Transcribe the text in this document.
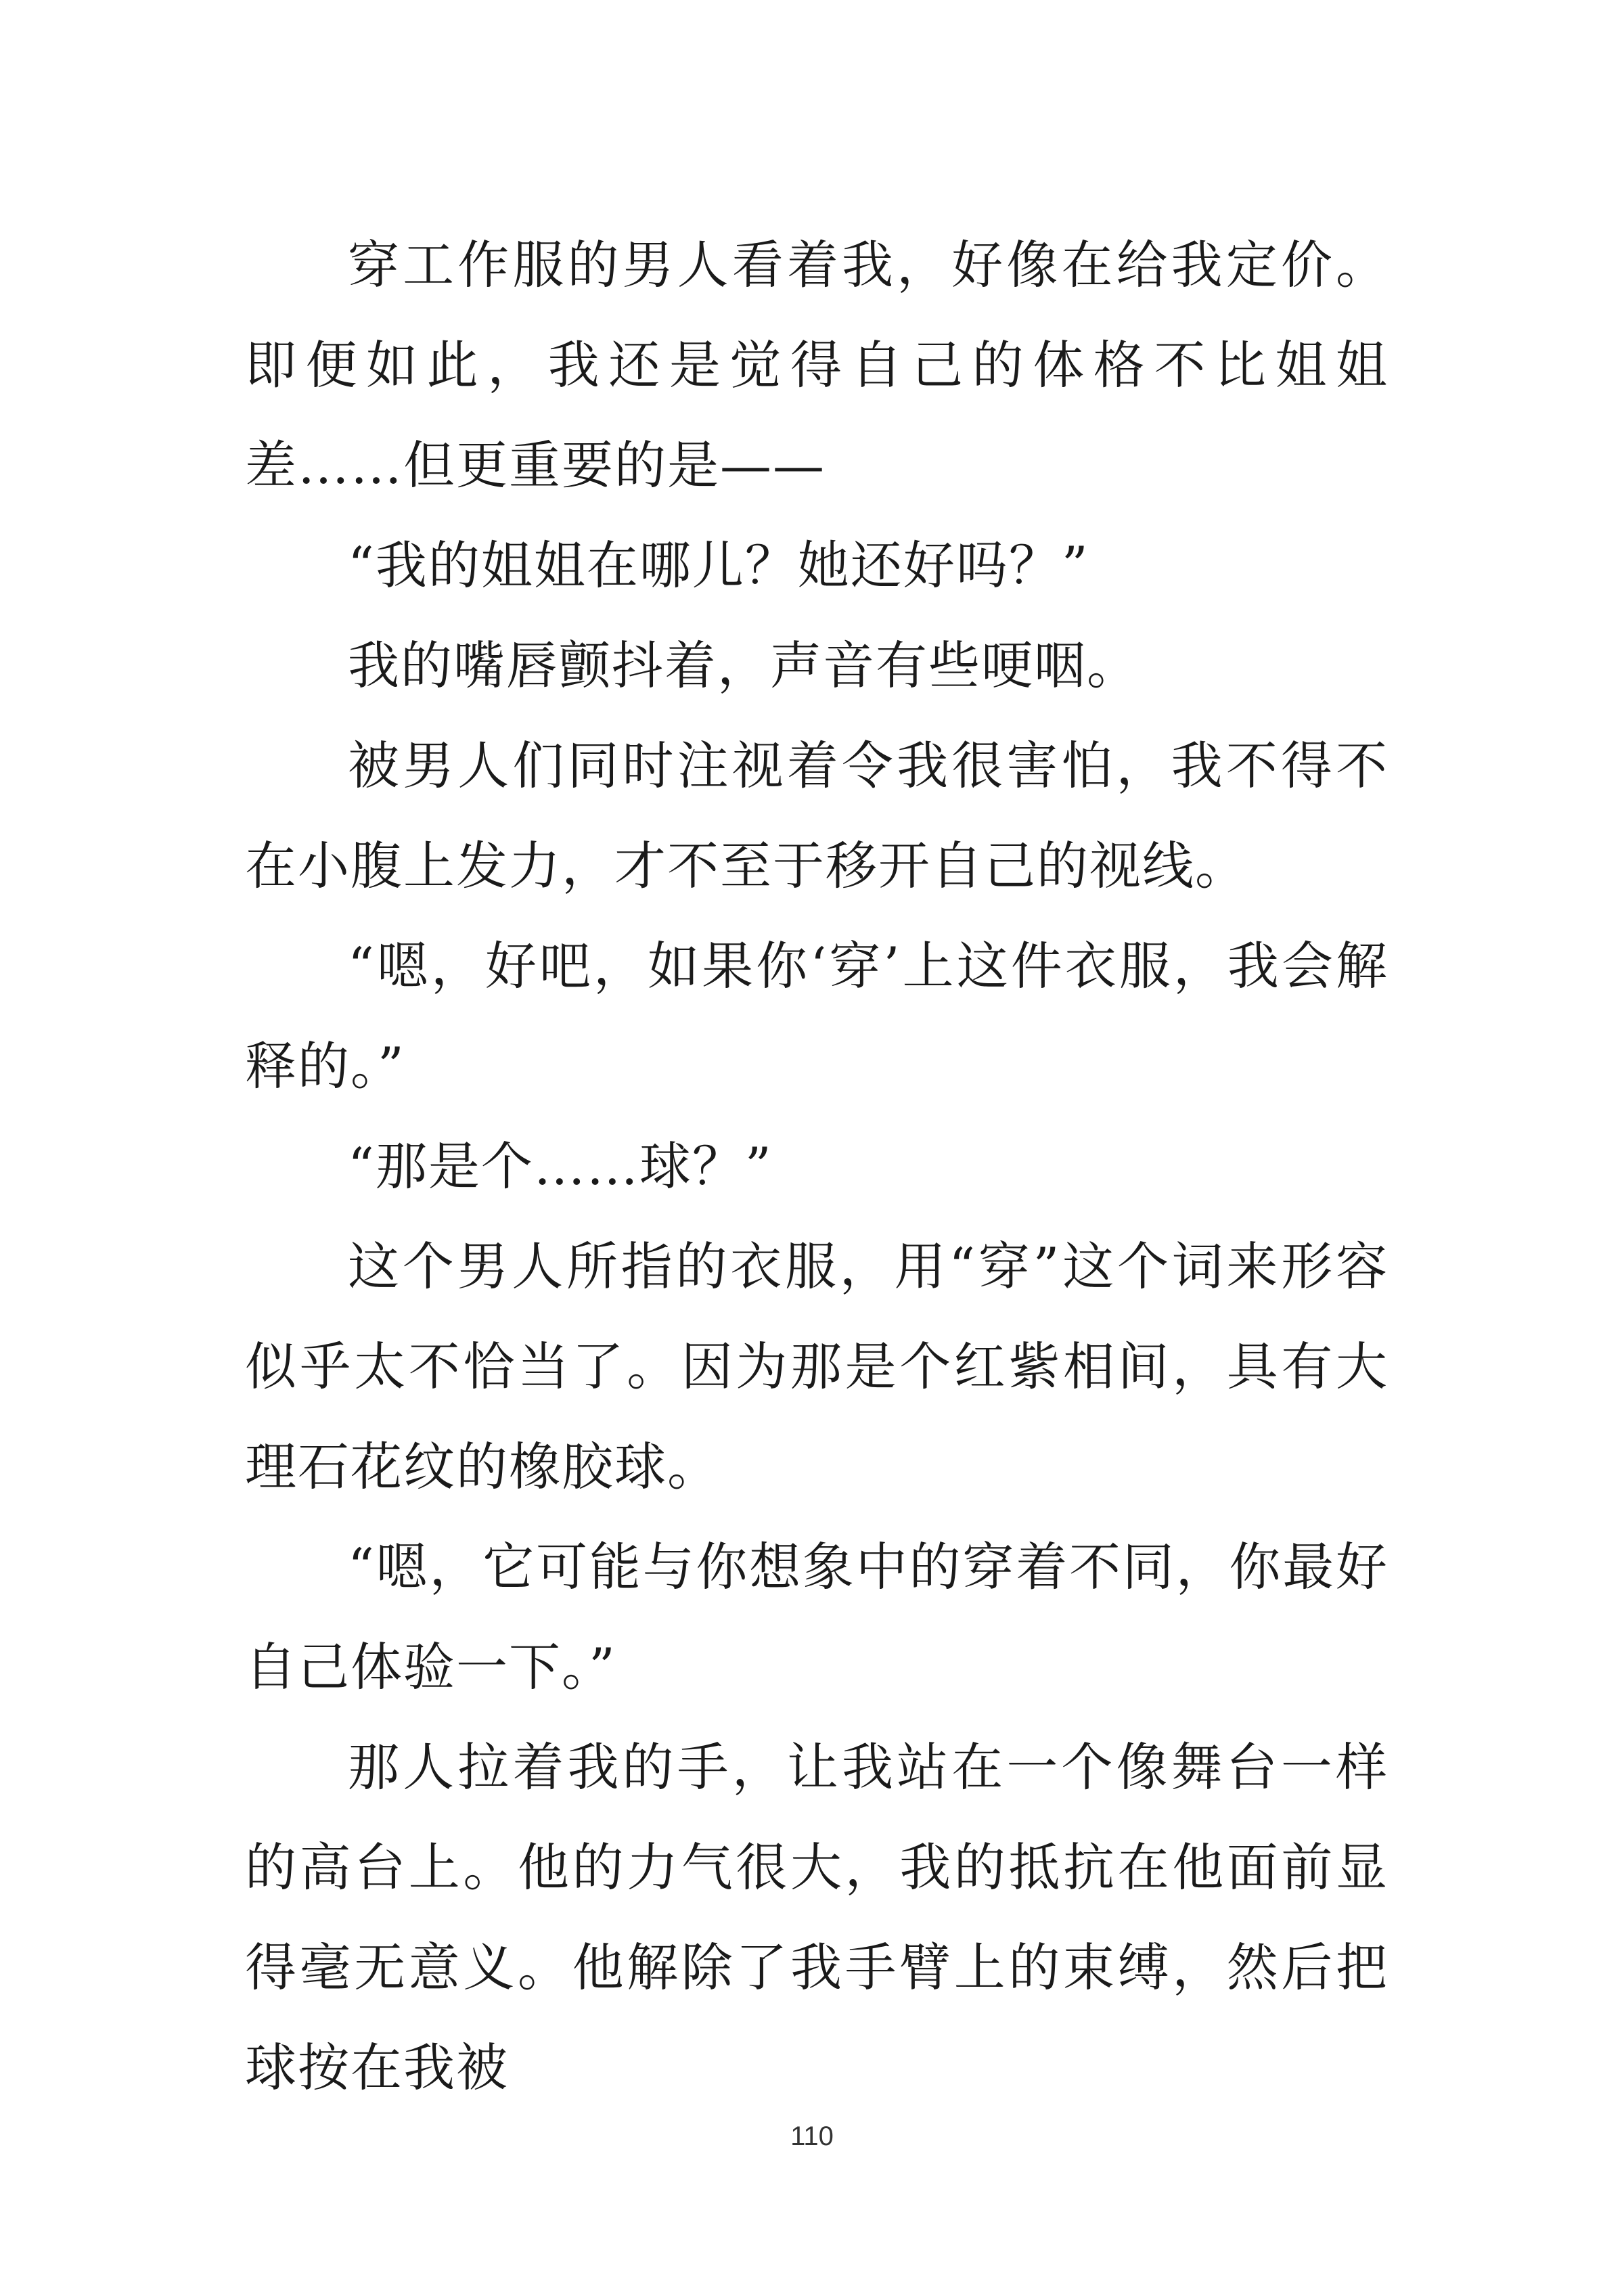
穿工作服的男人看着我，好像在给我定价。即便如此，我还是觉得自己的体格不比姐姐差……但更重要的是——

“我的姐姐在哪儿？她还好吗？”

我的嘴唇颤抖着，声音有些哽咽。

被男人们同时注视着令我很害怕，我不得不在小腹上发力，才不至于移开自己的视线。

“嗯，好吧，如果你‘穿’上这件衣服，我会解释的。”

“那是个……球？”

这个男人所指的衣服，用“穿”这个词来形容似乎太不恰当了。因为那是个红紫相间，具有大理石花纹的橡胶球。

“嗯，它可能与你想象中的穿着不同，你最好自己体验一下。”

那人拉着我的手，让我站在一个像舞台一样的高台上。他的力气很大，我的抵抗在他面前显得毫无意义。他解除了我手臂上的束缚，然后把球按在我被

110
